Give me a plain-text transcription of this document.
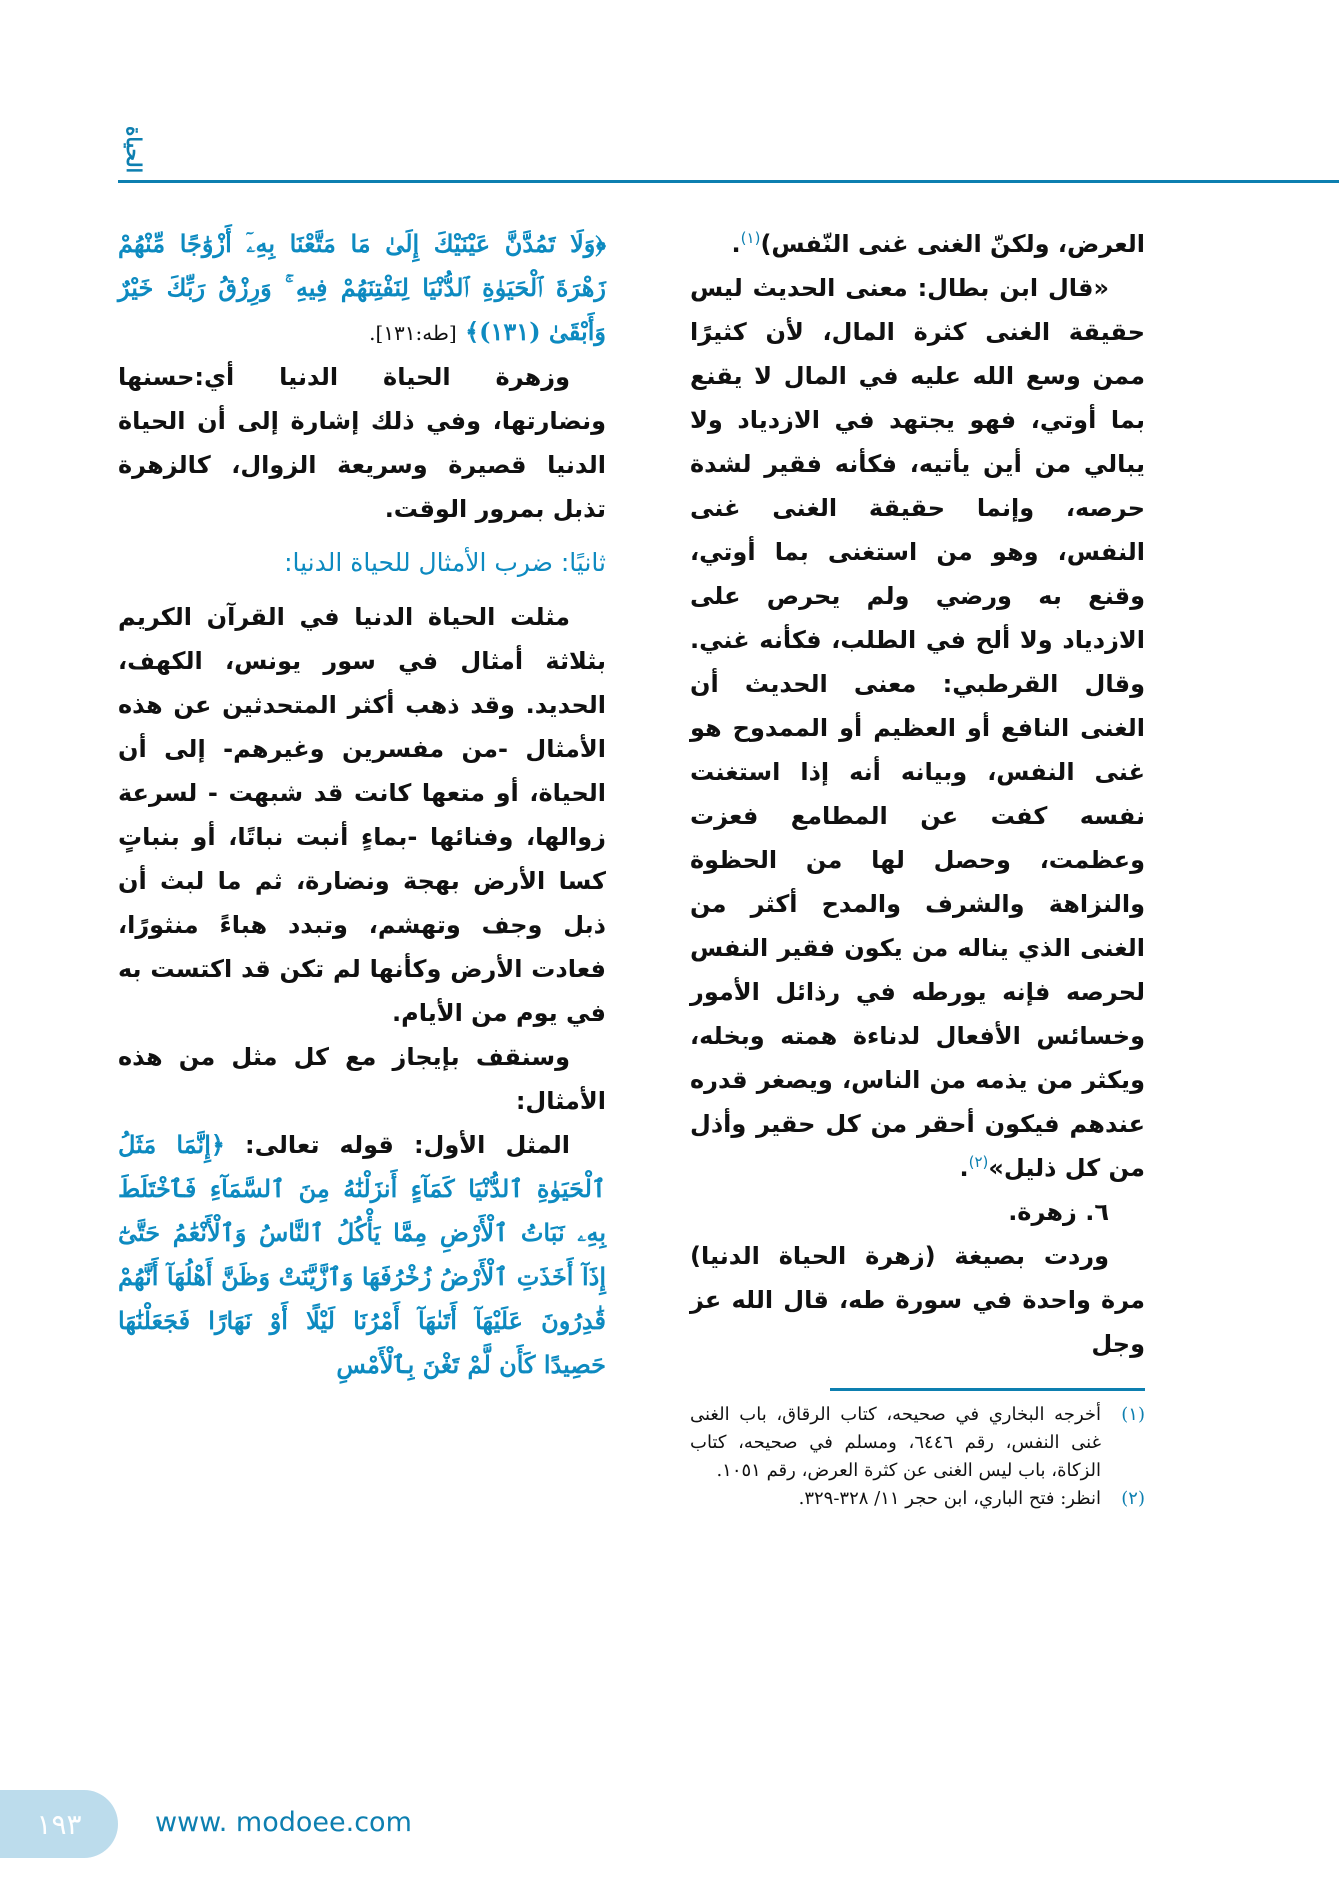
الحياة

العرض، ولكنّ الغنى غنى النّفس)$^{(١)}$.

«قال ابن بطال: معنى الحديث ليس حقيقة الغنى كثرة المال، لأن كثيرًا ممن وسع الله عليه في المال لا يقنع بما أوتي، فهو يجتهد في الازدياد ولا يبالي من أين يأتيه، فكأنه فقير لشدة حرصه، وإنما حقيقة الغنى غنى النفس، وهو من استغنى بما أوتي، وقنع به ورضي ولم يحرص على الازدياد ولا ألح في الطلب، فكأنه غني. وقال القرطبي: معنى الحديث أن الغنى النافع أو العظيم أو الممدوح هو غنى النفس، وبيانه أنه إذا استغنت نفسه كفت عن المطامع فعزت وعظمت، وحصل لها من الحظوة والنزاهة والشرف والمدح أكثر من الغنى الذي يناله من يكون فقير النفس لحرصه فإنه يورطه في رذائل الأمور وخسائس الأفعال لدناءة همته وبخله، ويكثر من يذمه من الناس، ويصغر قدره عندهم فيكون أحقر من كل حقير وأذل من كل ذليل»$^{(٢)}$.

٦. زهرة.

وردت بصيغة (زهرة الحياة الدنيا) مرة واحدة في سورة طه، قال الله عز وجل

(١)
أخرجه البخاري في صحيحه، كتاب الرقاق، باب الغنى غنى النفس، رقم ٦٤٤٦، ومسلم في صحيحه، كتاب الزكاة، باب ليس الغنى عن كثرة العرض، رقم ١٠٥١.
(٢)
انظر: فتح الباري، ابن حجر ١١/ ٣٢٨-٣٢٩.

﴿وَلَا تَمُدَّنَّ عَيْنَيْكَ إِلَىٰ مَا مَتَّعْنَا بِهِۦٓ أَزْوَٰجًا مِّنْهُمْ زَهْرَةَ ٱلْحَيَوٰةِ ٱلدُّنْيَا لِنَفْتِنَهُمْ فِيهِ ۚ وَرِزْقُ رَبِّكَ خَيْرٌ وَأَبْقَىٰ (١٣١)﴾ [طه:١٣١].

وزهرة الحياة الدنيا أي:حسنها ونضارتها، وفي ذلك إشارة إلى أن الحياة الدنيا قصيرة وسريعة الزوال، كالزهرة تذبل بمرور الوقت.

ثانيًا: ضرب الأمثال للحياة الدنيا:

مثلت الحياة الدنيا في القرآن الكريم بثلاثة أمثال في سور يونس، الكهف، الحديد. وقد ذهب أكثر المتحدثين عن هذه الأمثال -من مفسرين وغيرهم- إلى أن الحياة، أو متعها كانت قد شبهت - لسرعة زوالها، وفنائها -بماءٍ أنبت نباتًا، أو بنباتٍ كسا الأرض بهجة ونضارة، ثم ما لبث أن ذبل وجف وتهشم، وتبدد هباءً منثورًا، فعادت الأرض وكأنها لم تكن قد اكتست به في يوم من الأيام.

وسنقف بإيجاز مع كل مثل من هذه الأمثال:

المثل الأول: قوله تعالى: ﴿إِنَّمَا مَثَلُ ٱلْحَيَوٰةِ ٱلدُّنْيَا كَمَآءٍ أَنزَلْنَٰهُ مِنَ ٱلسَّمَآءِ فَٱخْتَلَطَ بِهِۦ نَبَاتُ ٱلْأَرْضِ مِمَّا يَأْكُلُ ٱلنَّاسُ وَٱلْأَنْعَٰمُ حَتَّىٰٓ إِذَآ أَخَذَتِ ٱلْأَرْضُ زُخْرُفَهَا وَٱزَّيَّنَتْ وَظَنَّ أَهْلُهَآ أَنَّهُمْ قَٰدِرُونَ عَلَيْهَآ أَتَىٰهَآ أَمْرُنَا لَيْلًا أَوْ نَهَارًا فَجَعَلْنَٰهَا حَصِيدًا كَأَن لَّمْ تَغْنَ بِٱلْأَمْسِ

١٩٣	www. modoee.com
